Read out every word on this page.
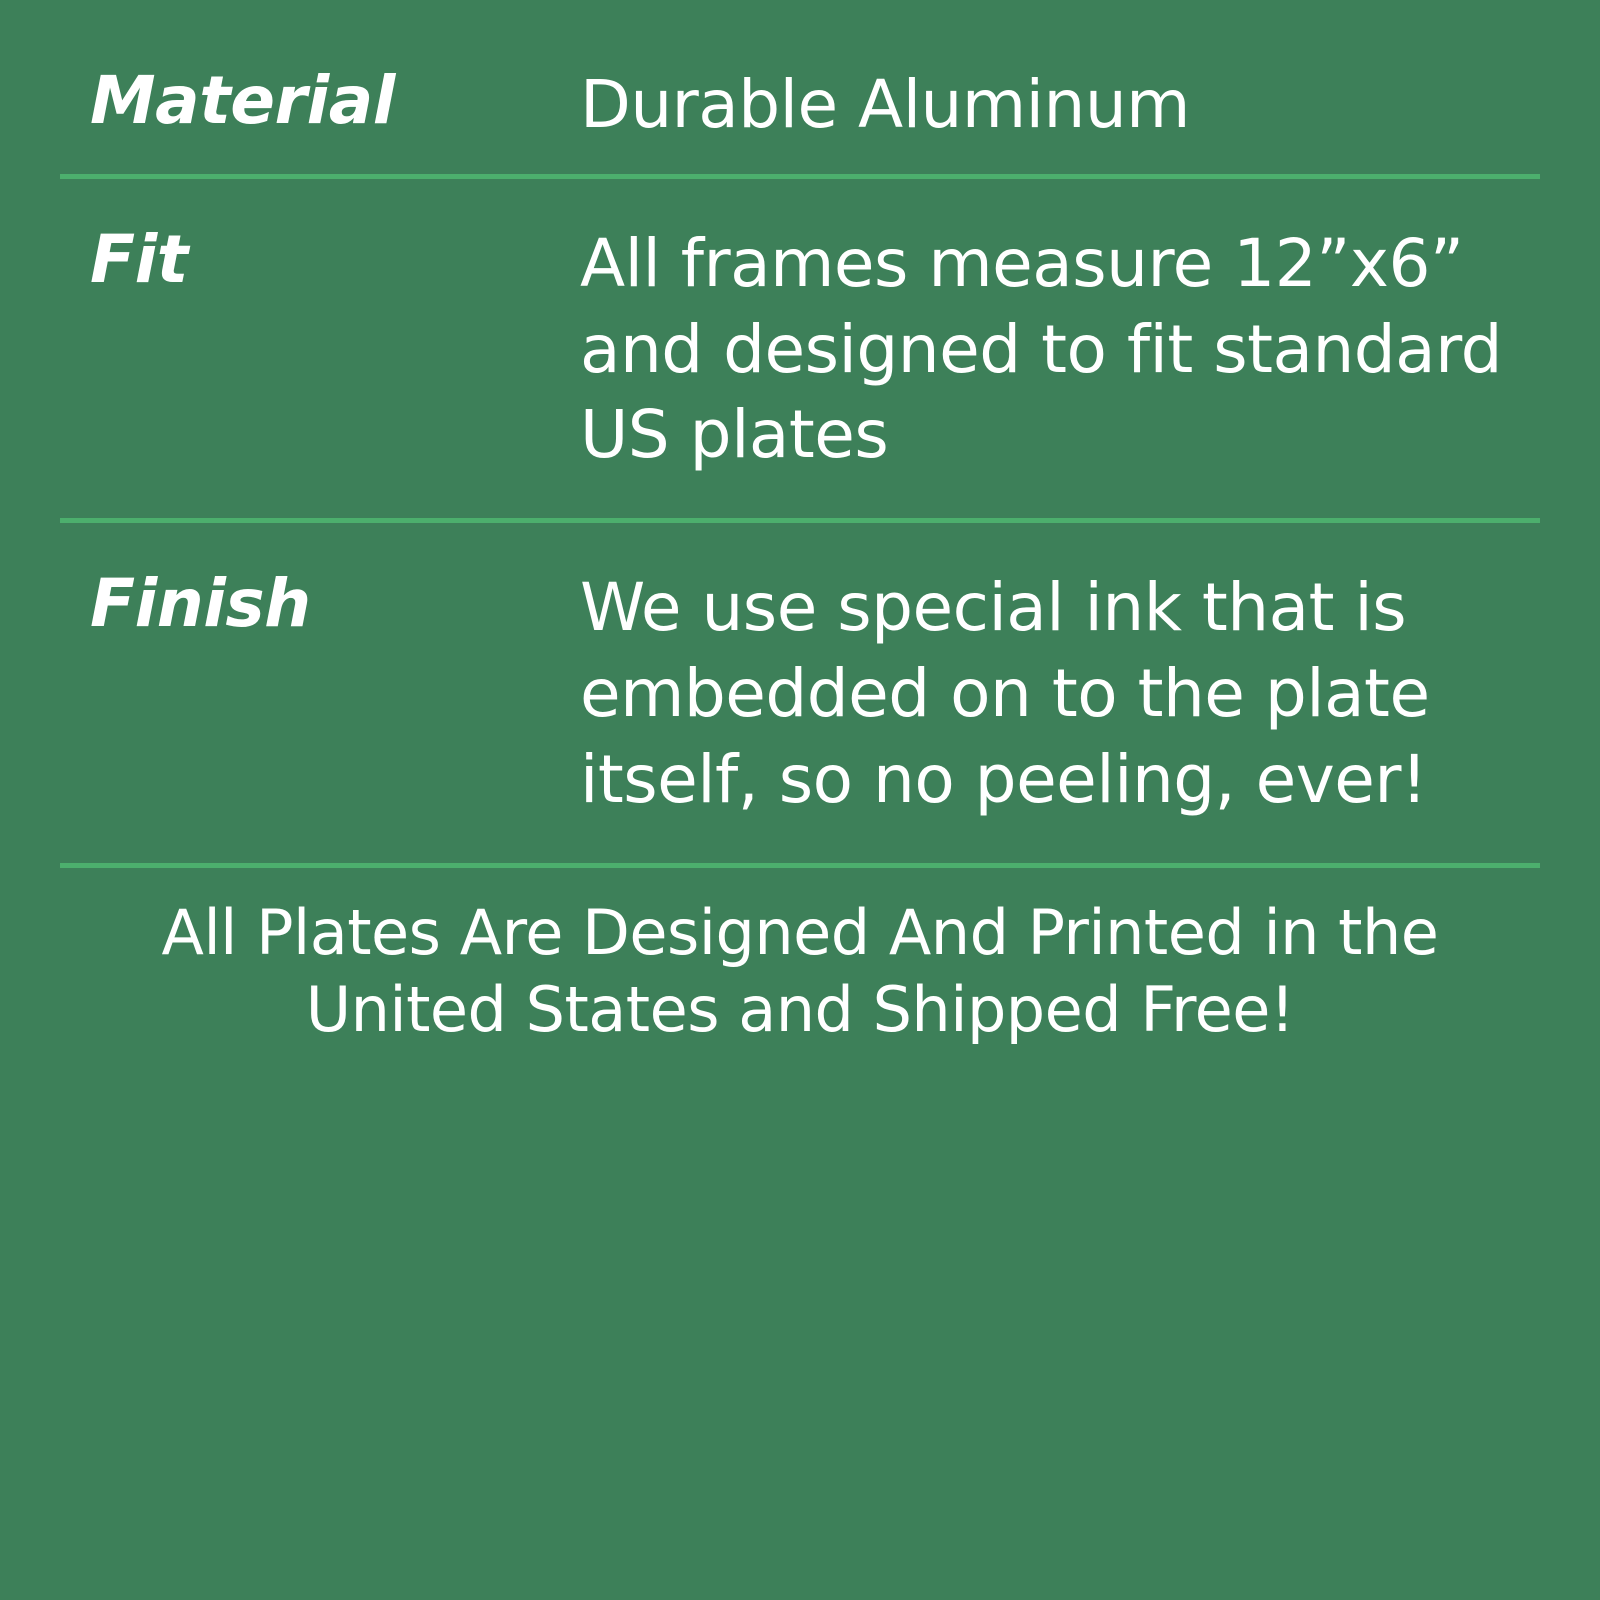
Material	Durable Aluminum
Fit	All frames measure 12”x6” and designed to fit standard US plates
Finish	We use special ink that is embedded on to the plate itself, so no peeling, ever!
All Plates Are Designed And Printed in the
United States and Shipped Free!
